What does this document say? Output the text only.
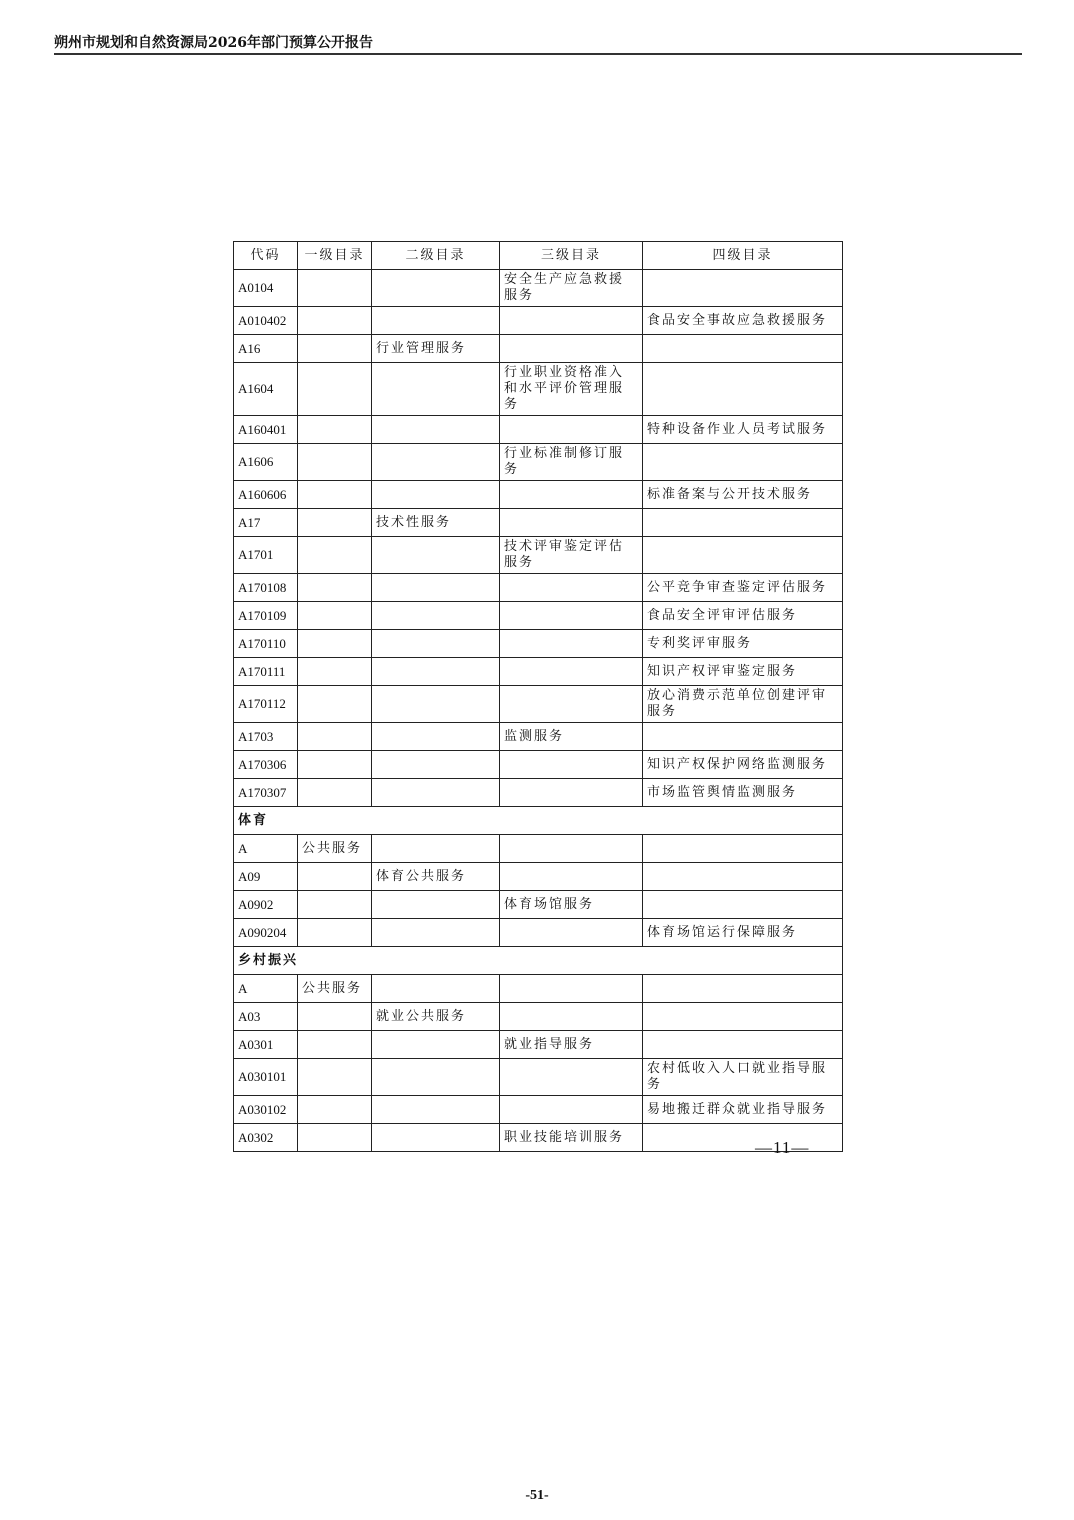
朔州市规划和自然资源局2026年部门预算公开报告
代码	一级目录	二级目录	三级目录	四级目录
A0104			安全生产应急救援服务	
A010402				食品安全事故应急救援服务
A16		行业管理服务		
A1604			行业职业资格准入和水平评价管理服务	
A160401				特种设备作业人员考试服务
A1606			行业标准制修订服务	
A160606				标准备案与公开技术服务
A17		技术性服务		
A1701			技术评审鉴定评估服务	
A170108				公平竞争审查鉴定评估服务
A170109				食品安全评审评估服务
A170110				专利奖评审服务
A170111				知识产权评审鉴定服务
A170112				放心消费示范单位创建评审服务
A1703			监测服务	
A170306				知识产权保护网络监测服务
A170307				市场监管舆情监测服务
体育				
A	公共服务			
A09		体育公共服务		
A0902			体育场馆服务	
A090204				体育场馆运行保障服务
乡村振兴				
A	公共服务			
A03		就业公共服务		
A0301			就业指导服务	
A030101				农村低收入人口就业指导服务
A030102				易地搬迁群众就业指导服务
A0302			职业技能培训服务	
—11—
-51-
